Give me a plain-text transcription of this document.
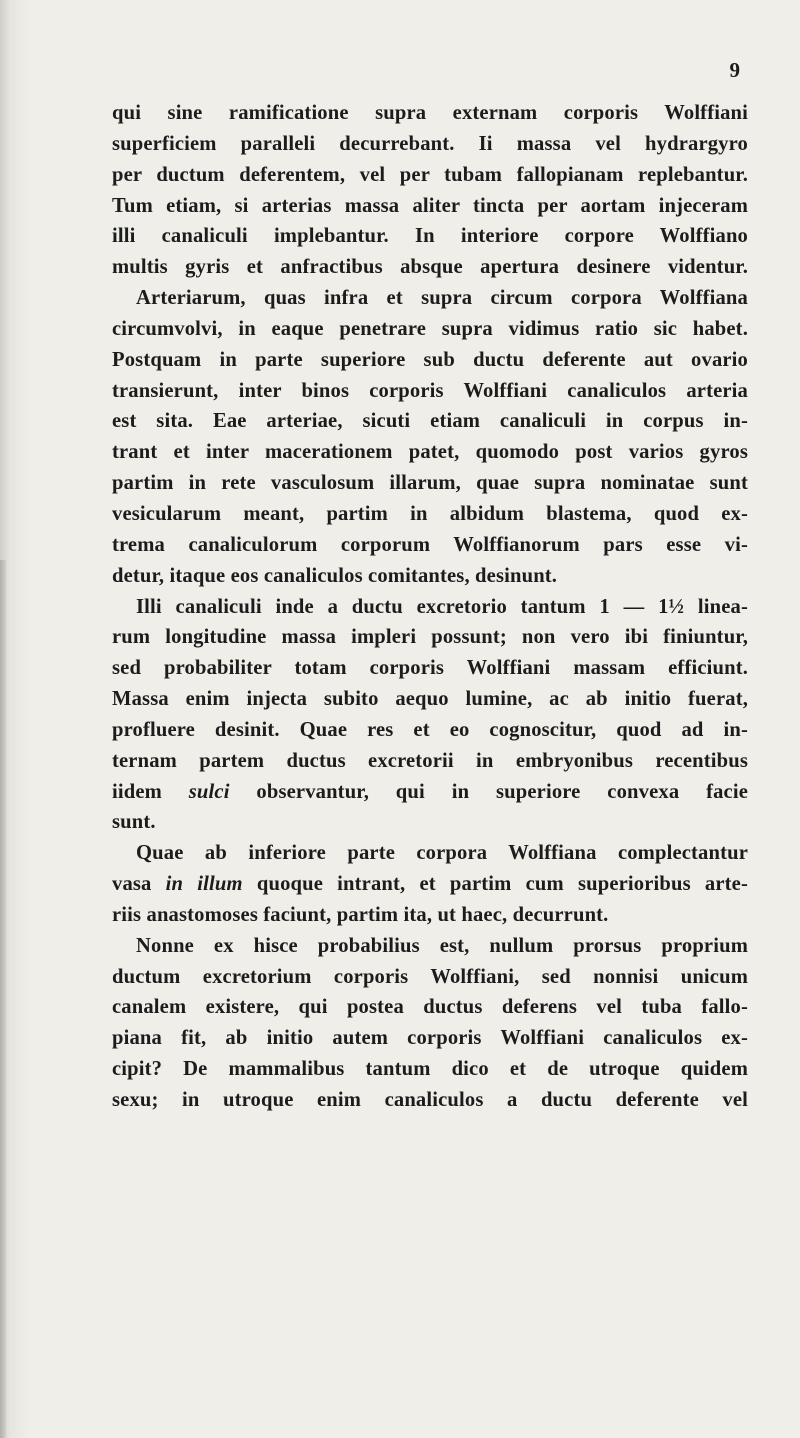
9
qui sine ramificatione supra externam corporis Wolffiani
superficiem paralleli decurrebant. Ii massa vel hydrargyro
per ductum deferentem, vel per tubam fallopianam replebantur.
Tum etiam, si arterias massa aliter tincta per aortam injeceram
illi canaliculi implebantur. In interiore corpore Wolffiano
multis gyris et anfractibus absque apertura desinere videntur.
Arteriarum, quas infra et supra circum corpora Wolffiana
circumvolvi, in eaque penetrare supra vidimus ratio sic habet.
Postquam in parte superiore sub ductu deferente aut ovario
transierunt, inter binos corporis Wolffiani canaliculos arteria
est sita. Eae arteriae, sicuti etiam canaliculi in corpus in-
trant et inter macerationem patet, quomodo post varios gyros
partim in rete vasculosum illarum, quae supra nominatae sunt
vesicularum meant, partim in albidum blastema, quod ex-
trema canaliculorum corporum Wolffianorum pars esse vi-
detur, itaque eos canaliculos comitantes, desinunt.
Illi canaliculi inde a ductu excretorio tantum 1 — 1½ linea-
rum longitudine massa impleri possunt; non vero ibi finiuntur,
sed probabiliter totam corporis Wolffiani massam efficiunt.
Massa enim injecta subito aequo lumine, ac ab initio fuerat,
profluere desinit. Quae res et eo cognoscitur, quod ad in-
ternam partem ductus excretorii in embryonibus recentibus
iidem sulci observantur, qui in superiore convexa facie
sunt.
Quae ab inferiore parte corpora Wolffiana complectantur
vasa in illum quoque intrant, et partim cum superioribus arte-
riis anastomoses faciunt, partim ita, ut haec, decurrunt.
Nonne ex hisce probabilius est, nullum prorsus proprium
ductum excretorium corporis Wolffiani, sed nonnisi unicum
canalem existere, qui postea ductus deferens vel tuba fallo-
piana fit, ab initio autem corporis Wolffiani canaliculos ex-
cipit? De mammalibus tantum dico et de utroque quidem
sexu; in utroque enim canaliculos a ductu deferente vel
